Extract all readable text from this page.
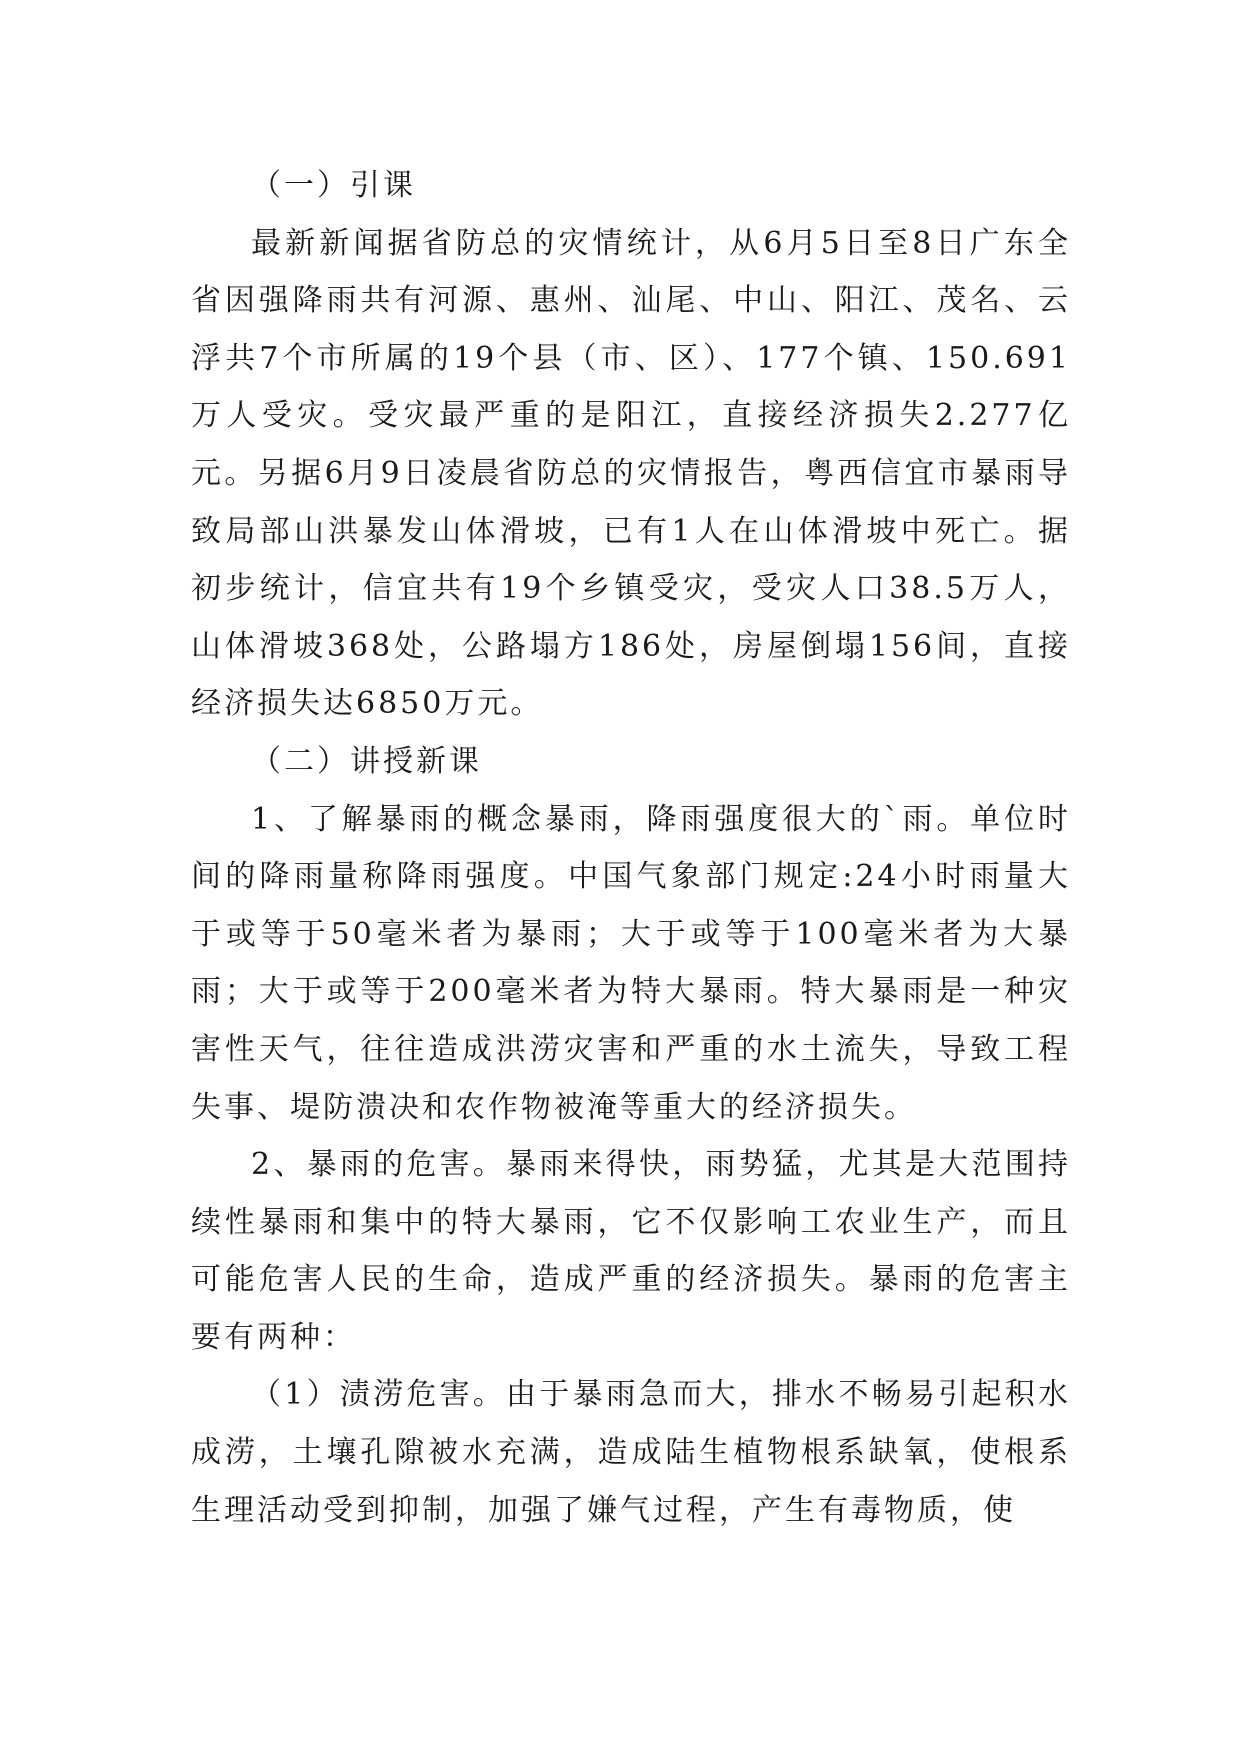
（一）引课

最新新闻据省防总的灾情统计，从6月5日至8日广东全省因强降雨共有河源、惠州、汕尾、中山、阳江、茂名、云浮共7个市所属的19个县（市、区）、177个镇、150.691万人受灾。受灾最严重的是阳江，直接经济损失2.277亿元。另据6月9日凌晨省防总的灾情报告，粤西信宜市暴雨导致局部山洪暴发山体滑坡，已有1人在山体滑坡中死亡。据初步统计，信宜共有19个乡镇受灾，受灾人口38.5万人，山体滑坡368处，公路塌方186处，房屋倒塌156间，直接经济损失达6850万元。

（二）讲授新课

1、了解暴雨的概念暴雨，降雨强度很大的`雨。单位时间的降雨量称降雨强度。中国气象部门规定:24小时雨量大于或等于50毫米者为暴雨；大于或等于100毫米者为大暴雨；大于或等于200毫米者为特大暴雨。特大暴雨是一种灾害性天气，往往造成洪涝灾害和严重的水土流失，导致工程失事、堤防溃决和农作物被淹等重大的经济损失。

2、暴雨的危害。暴雨来得快，雨势猛，尤其是大范围持续性暴雨和集中的特大暴雨，它不仅影响工农业生产，而且可能危害人民的生命，造成严重的经济损失。暴雨的危害主要有两种：

（1）渍涝危害。由于暴雨急而大，排水不畅易引起积水成涝，土壤孔隙被水充满，造成陆生植物根系缺氧，使根系生理活动受到抑制，加强了嫌气过程，产生有毒物质，使
